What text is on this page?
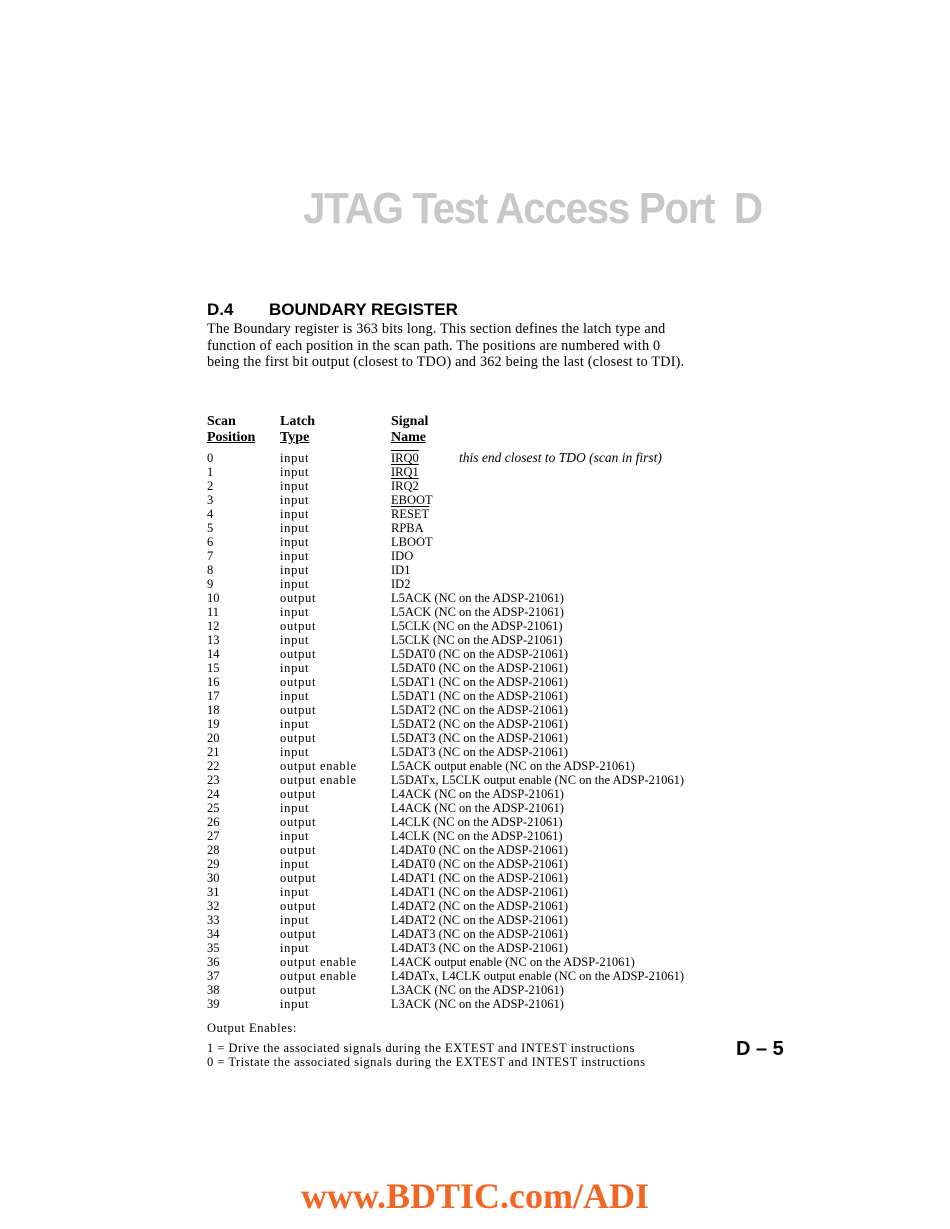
JTAG Test Access Port  D
D.4 BOUNDARY REGISTER

The Boundary register is 363 bits long. This section defines the latch type and function of each position in the scan path. The positions are numbered with 0 being the first bit output (closest to TDO) and 362 being the last (closest to TDI).

Scan	Latch	Signal
Position Type	Name
this end closest to TDO (scan in first)
0	input	IRQ0
1	input	IRQ1
2	input	IRQ2
3	input	EBOOT
4	input	RESET
5	input	RPBA
6	input	LBOOT
7	input	IDO
8	input	ID1
9	input	ID2
10	output	L5ACK (NC on the ADSP-21061)
11	input	L5ACK (NC on the ADSP-21061)
12	output	L5CLK (NC on the ADSP-21061)
13	input	L5CLK (NC on the ADSP-21061)
14	output	L5DAT0 (NC on the ADSP-21061)
15	input	L5DAT0 (NC on the ADSP-21061)
16	output	L5DAT1 (NC on the ADSP-21061)
17	input	L5DAT1 (NC on the ADSP-21061)
18	output	L5DAT2 (NC on the ADSP-21061)
19	input	L5DAT2 (NC on the ADSP-21061)
20	output	L5DAT3 (NC on the ADSP-21061)
21	input	L5DAT3 (NC on the ADSP-21061)
22	output enable	L5ACK output enable (NC on the ADSP-21061)
23	output enable	L5DATx, L5CLK output enable (NC on the ADSP-21061)
24	output	L4ACK (NC on the ADSP-21061)
25	input	L4ACK (NC on the ADSP-21061)
26	output	L4CLK (NC on the ADSP-21061)
27	input	L4CLK (NC on the ADSP-21061)
28	output	L4DAT0 (NC on the ADSP-21061)
29	input	L4DAT0 (NC on the ADSP-21061)
30	output	L4DAT1 (NC on the ADSP-21061)
31	input	L4DAT1 (NC on the ADSP-21061)
32	output	L4DAT2 (NC on the ADSP-21061)
33	input	L4DAT2 (NC on the ADSP-21061)
34	output	L4DAT3 (NC on the ADSP-21061)
35	input	L4DAT3 (NC on the ADSP-21061)
36	output enable	L4ACK output enable (NC on the ADSP-21061)
37	output enable	L4DATx, L4CLK output enable (NC on the ADSP-21061)
38	output	L3ACK (NC on the ADSP-21061)
39	input	L3ACK (NC on the ADSP-21061)
Output Enables:
1 = Drive the associated signals during the EXTEST and INTEST instructions
0 = Tristate the associated signals during the EXTEST and INTEST instructions
D – 5
www.BDTIC.com/ADI
